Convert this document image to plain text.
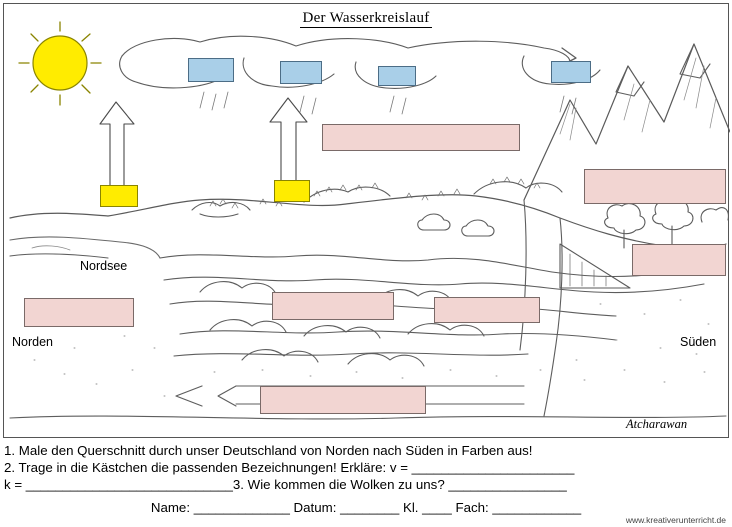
Der Wasserkreislauf
Nordsee
Norden	Süden
Atcharawan
1. Male den Querschnitt durch unser Deutschland von Norden nach Süden in Farben aus!
2. Trage in die Kästchen die passenden Bezeichnungen! Erkläre: v = ______________________
k = ____________________________3. Wie kommen die Wolken zu uns? ________________
Name: _____________ Datum: ________ Kl. ____ Fach: ____________
www.kreativerunterricht.de
